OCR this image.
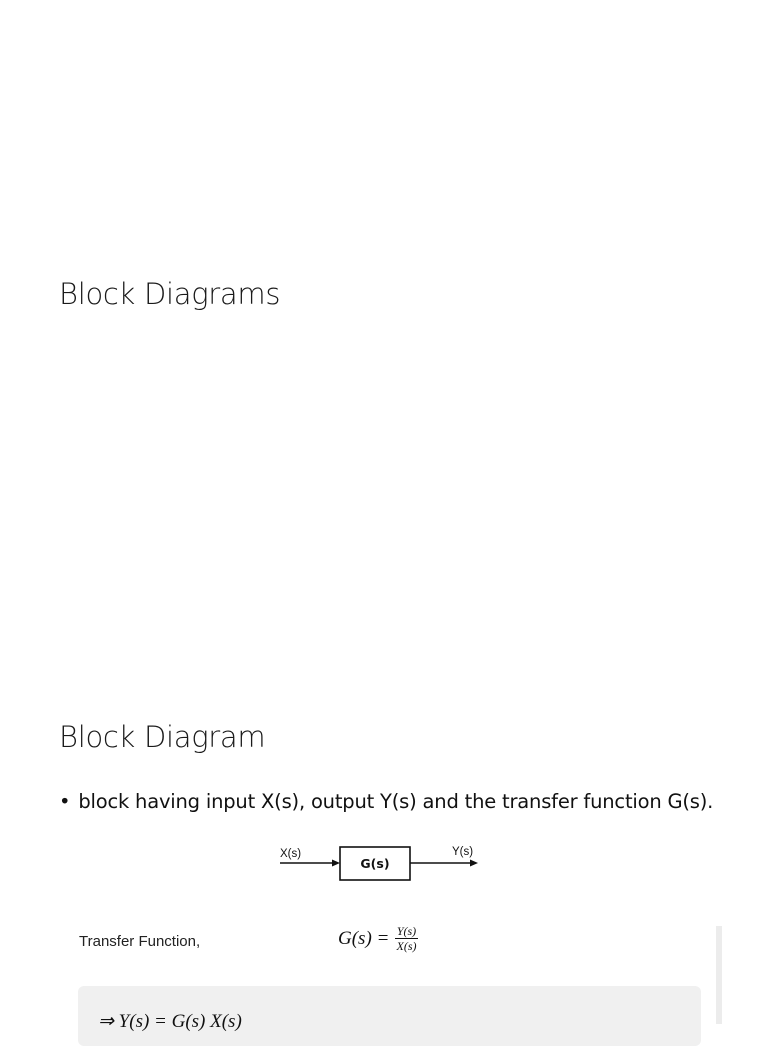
Block Diagrams
Block Diagram
• block having input X(s), output Y(s) and the transfer function G(s).
X(s)
G(s)
Y(s)
Transfer Function,	$G(s) = \frac{Y(s)}{X(s)}$
⇒ Y(s) = G(s) X(s)
